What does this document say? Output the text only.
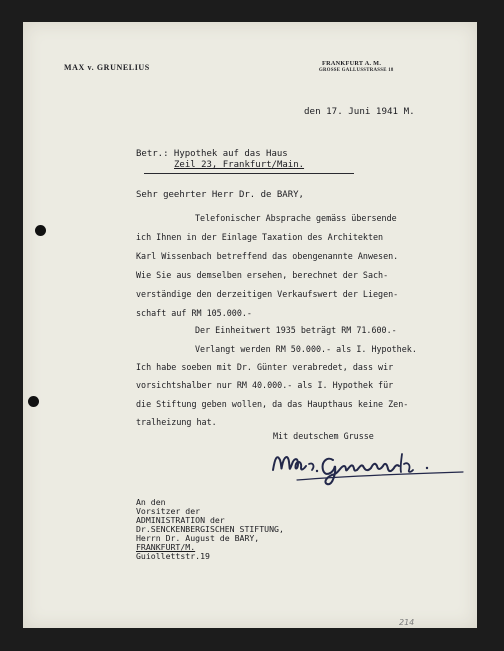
MAX v. GRUNELIUS	FRANKFURT A. M.
GROSSE GALLUSSTRASSE 18
den 17. Juni 1941 M.
Betr.: Hypothek auf das Haus
Zeil 23, Frankfurt/Main.
Sehr geehrter Herr Dr. de BARY,
Telefonischer Absprache gemäss übersende
ich Ihnen in der Einlage Taxation des Architekten
Karl Wissenbach betreffend das obengenannte Anwesen.
Wie Sie aus demselben ersehen, berechnet der Sach-
verständige den derzeitigen Verkaufswert der Liegen-
schaft auf RM 105.000.-
Der Einheitwert 1935 beträgt RM 71.600.-
Verlangt werden RM 50.000.- als I. Hypothek.
Ich habe soeben mit Dr. Günter verabredet, dass wir
vorsichtshalber nur RM 40.000.- als I. Hypothek für
die Stiftung geben wollen, da das Haupthaus keine Zen-
tralheizung hat.
Mit deutschem Grusse
An den
Vorsitzer der
ADMINISTRATION der
Dr.SENCKENBERGISCHEN STIFTUNG,
Herrn Dr. August de BARY,
FRANKFURT/M.
Guiollettstr.19
214
